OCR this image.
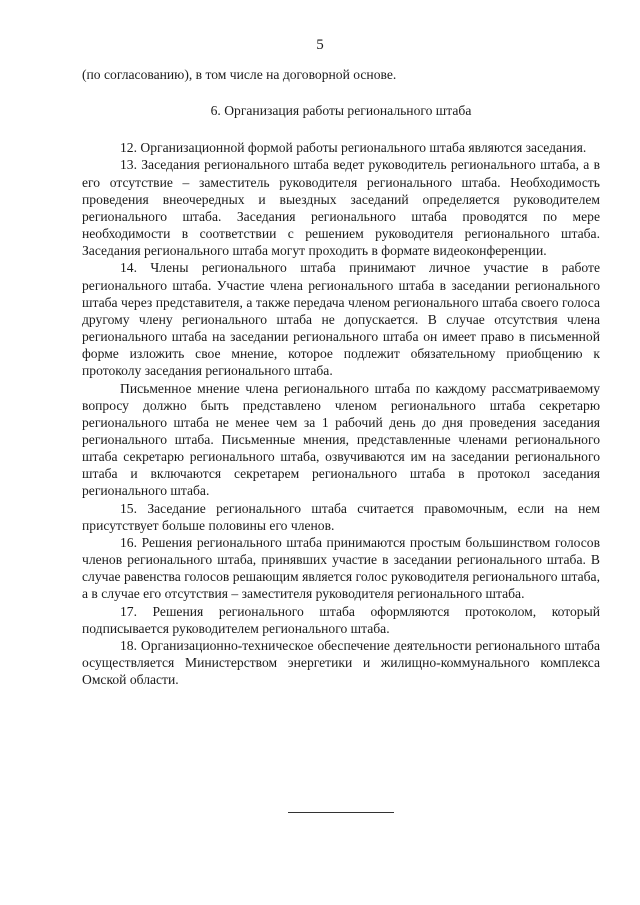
5

(по согласованию), в том числе на договорной основе.

6. Организация работы регионального штаба

12. Организационной формой работы регионального штаба являются заседания.

13. Заседания регионального штаба ведет руководитель регионального штаба, а в его отсутствие – заместитель руководителя регионального штаба. Необходимость проведения внеочередных и выездных заседаний определяется руководителем регионального штаба. Заседания регионального штаба проводятся по мере необходимости в соответствии с решением руководителя регионального штаба. Заседания регионального штаба могут проходить в формате видеоконференции.

14. Члены регионального штаба принимают личное участие в работе регионального штаба. Участие члена регионального штаба в заседании регионального штаба через представителя, а также передача членом регионального штаба своего голоса другому члену регионального штаба не допускается. В случае отсутствия члена регионального штаба на заседании регионального штаба он имеет право в письменной форме изложить свое мнение, которое подлежит обязательному приобщению к протоколу заседания регионального штаба.

Письменное мнение члена регионального штаба по каждому рассматриваемому вопросу должно быть представлено членом регионального штаба секретарю регионального штаба не менее чем за 1 рабочий день до дня проведения заседания регионального штаба. Письменные мнения, представленные членами регионального штаба секретарю регионального штаба, озвучиваются им на заседании регионального штаба и включаются секретарем регионального штаба в протокол заседания регионального штаба.

15. Заседание регионального штаба считается правомочным, если на нем присутствует больше половины его членов.

16. Решения регионального штаба принимаются простым большинством голосов членов регионального штаба, принявших участие в заседании регионального штаба. В случае равенства голосов решающим является голос руководителя регионального штаба, а в случае его отсутствия – заместителя руководителя регионального штаба.

17. Решения регионального штаба оформляются протоколом, который подписывается руководителем регионального штаба.

18. Организационно-техническое обеспечение деятельности регионального штаба осуществляется Министерством энергетики и жилищно-коммунального комплекса Омской области.
